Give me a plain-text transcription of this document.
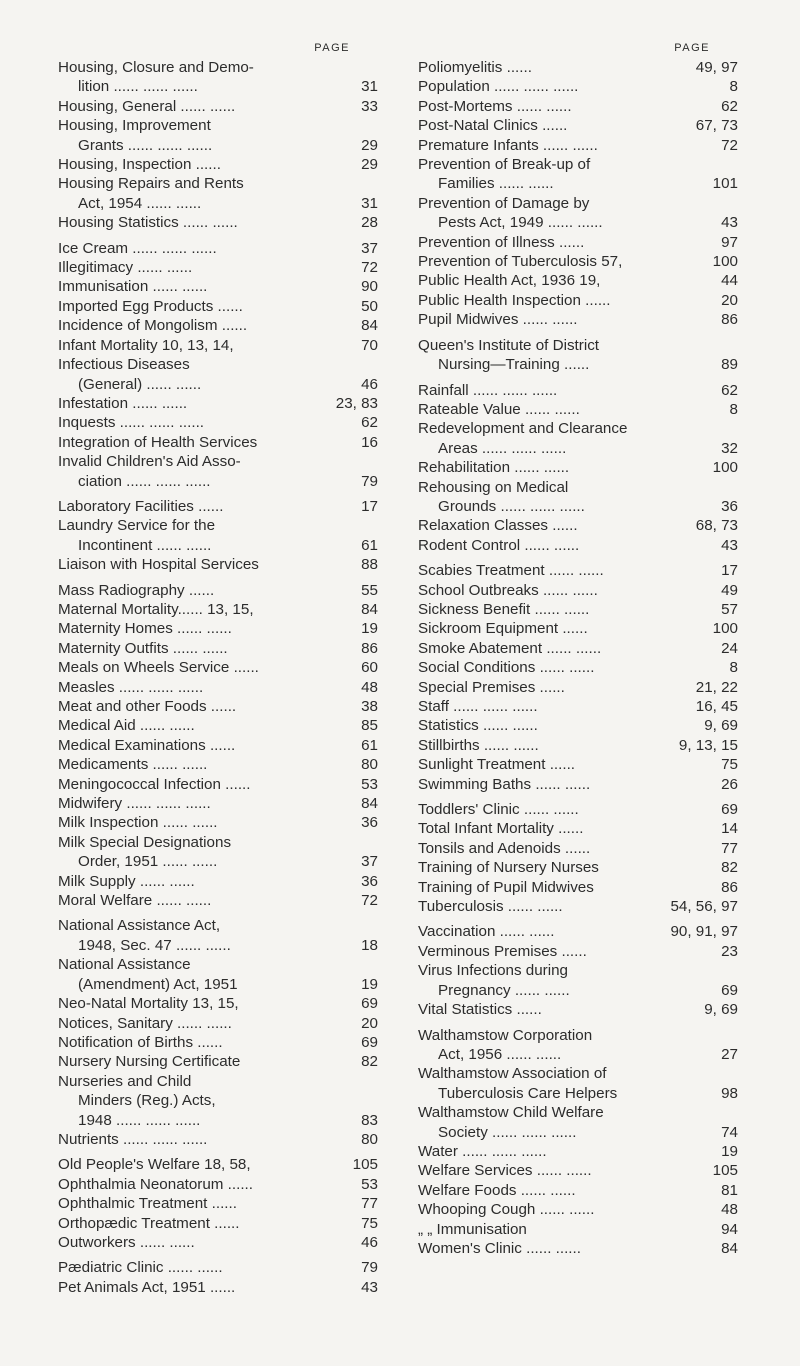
PAGE
Housing, Closure and Demo-
lition ...... ...... ......	31
Housing, General ...... ......	33
Housing, Improvement
Grants ...... ...... ......	29
Housing, Inspection ......	29
Housing Repairs and Rents
Act, 1954 ...... ......	31
Housing Statistics ...... ......	28
Ice Cream ...... ...... ......	37
Illegitimacy ...... ......	72
Immunisation ...... ......	90
Imported Egg Products ......	50
Incidence of Mongolism ......	84
Infant Mortality 10, 13, 14,	70
Infectious Diseases
(General) ...... ......	46
Infestation ...... ......	23, 83
Inquests ...... ...... ......	62
Integration of Health Services	16
Invalid Children's Aid Asso-
ciation ...... ...... ......	79
Laboratory Facilities ......	17
Laundry Service for the
Incontinent ...... ......	61
Liaison with Hospital Services	88
Mass Radiography ......	55
Maternal Mortality...... 13, 15,	84
Maternity Homes ...... ......	19
Maternity Outfits ...... ......	86
Meals on Wheels Service ......	60
Measles ...... ...... ......	48
Meat and other Foods ......	38
Medical Aid ...... ......	85
Medical Examinations ......	61
Medicaments ...... ......	80
Meningococcal Infection ......	53
Midwifery ...... ...... ......	84
Milk Inspection ...... ......	36
Milk Special Designations
Order, 1951 ...... ......	37
Milk Supply ...... ......	36
Moral Welfare ...... ......	72
National Assistance Act,
1948, Sec. 47 ...... ......	18
National Assistance
(Amendment) Act, 1951	19
Neo-Natal Mortality 13, 15,	69
Notices, Sanitary ...... ......	20
Notification of Births ......	69
Nursery Nursing Certificate	82
Nurseries and Child
Minders (Reg.) Acts,
1948 ...... ...... ......	83
Nutrients ...... ...... ......	80
Old People's Welfare 18, 58,	105
Ophthalmia Neonatorum ......	53
Ophthalmic Treatment ......	77
Orthopædic Treatment ......	75
Outworkers ...... ......	46
Pædiatric Clinic ...... ......	79
Pet Animals Act, 1951 ......	43
PAGE
Poliomyelitis ......	49, 97
Population ...... ...... ......	8
Post-Mortems ...... ......	62
Post-Natal Clinics ......	67, 73
Premature Infants ...... ......	72
Prevention of Break-up of
Families ...... ......	101
Prevention of Damage by
Pests Act, 1949 ...... ......	43
Prevention of Illness ......	97
Prevention of Tuberculosis 57,	100
Public Health Act, 1936 19,	44
Public Health Inspection ......	20
Pupil Midwives ...... ......	86
Queen's Institute of District
Nursing—Training ......	89
Rainfall ...... ...... ......	62
Rateable Value ...... ......	8
Redevelopment and Clearance
Areas ...... ...... ......	32
Rehabilitation ...... ......	100
Rehousing on Medical
Grounds ...... ...... ......	36
Relaxation Classes ......	68, 73
Rodent Control ...... ......	43
Scabies Treatment ...... ......	17
School Outbreaks ...... ......	49
Sickness Benefit ...... ......	57
Sickroom Equipment ......	100
Smoke Abatement ...... ......	24
Social Conditions ...... ......	8
Special Premises ......	21, 22
Staff ...... ...... ......	16, 45
Statistics ...... ......	9, 69
Stillbirths ...... ......	9, 13, 15
Sunlight Treatment ......	75
Swimming Baths ...... ......	26
Toddlers' Clinic ...... ......	69
Total Infant Mortality ......	14
Tonsils and Adenoids ......	77
Training of Nursery Nurses	82
Training of Pupil Midwives	86
Tuberculosis ...... ......	54, 56, 97
Vaccination ...... ......	90, 91, 97
Verminous Premises ......	23
Virus Infections during
Pregnancy ...... ......	69
Vital Statistics ......	9, 69
Walthamstow Corporation
Act, 1956 ...... ......	27
Walthamstow Association of
Tuberculosis Care Helpers	98
Walthamstow Child Welfare
Society ...... ...... ......	74
Water ...... ...... ......	19
Welfare Services ...... ......	105
Welfare Foods ...... ......	81
Whooping Cough ...... ......	48
„ „ Immunisation	94
Women's Clinic ...... ......	84
